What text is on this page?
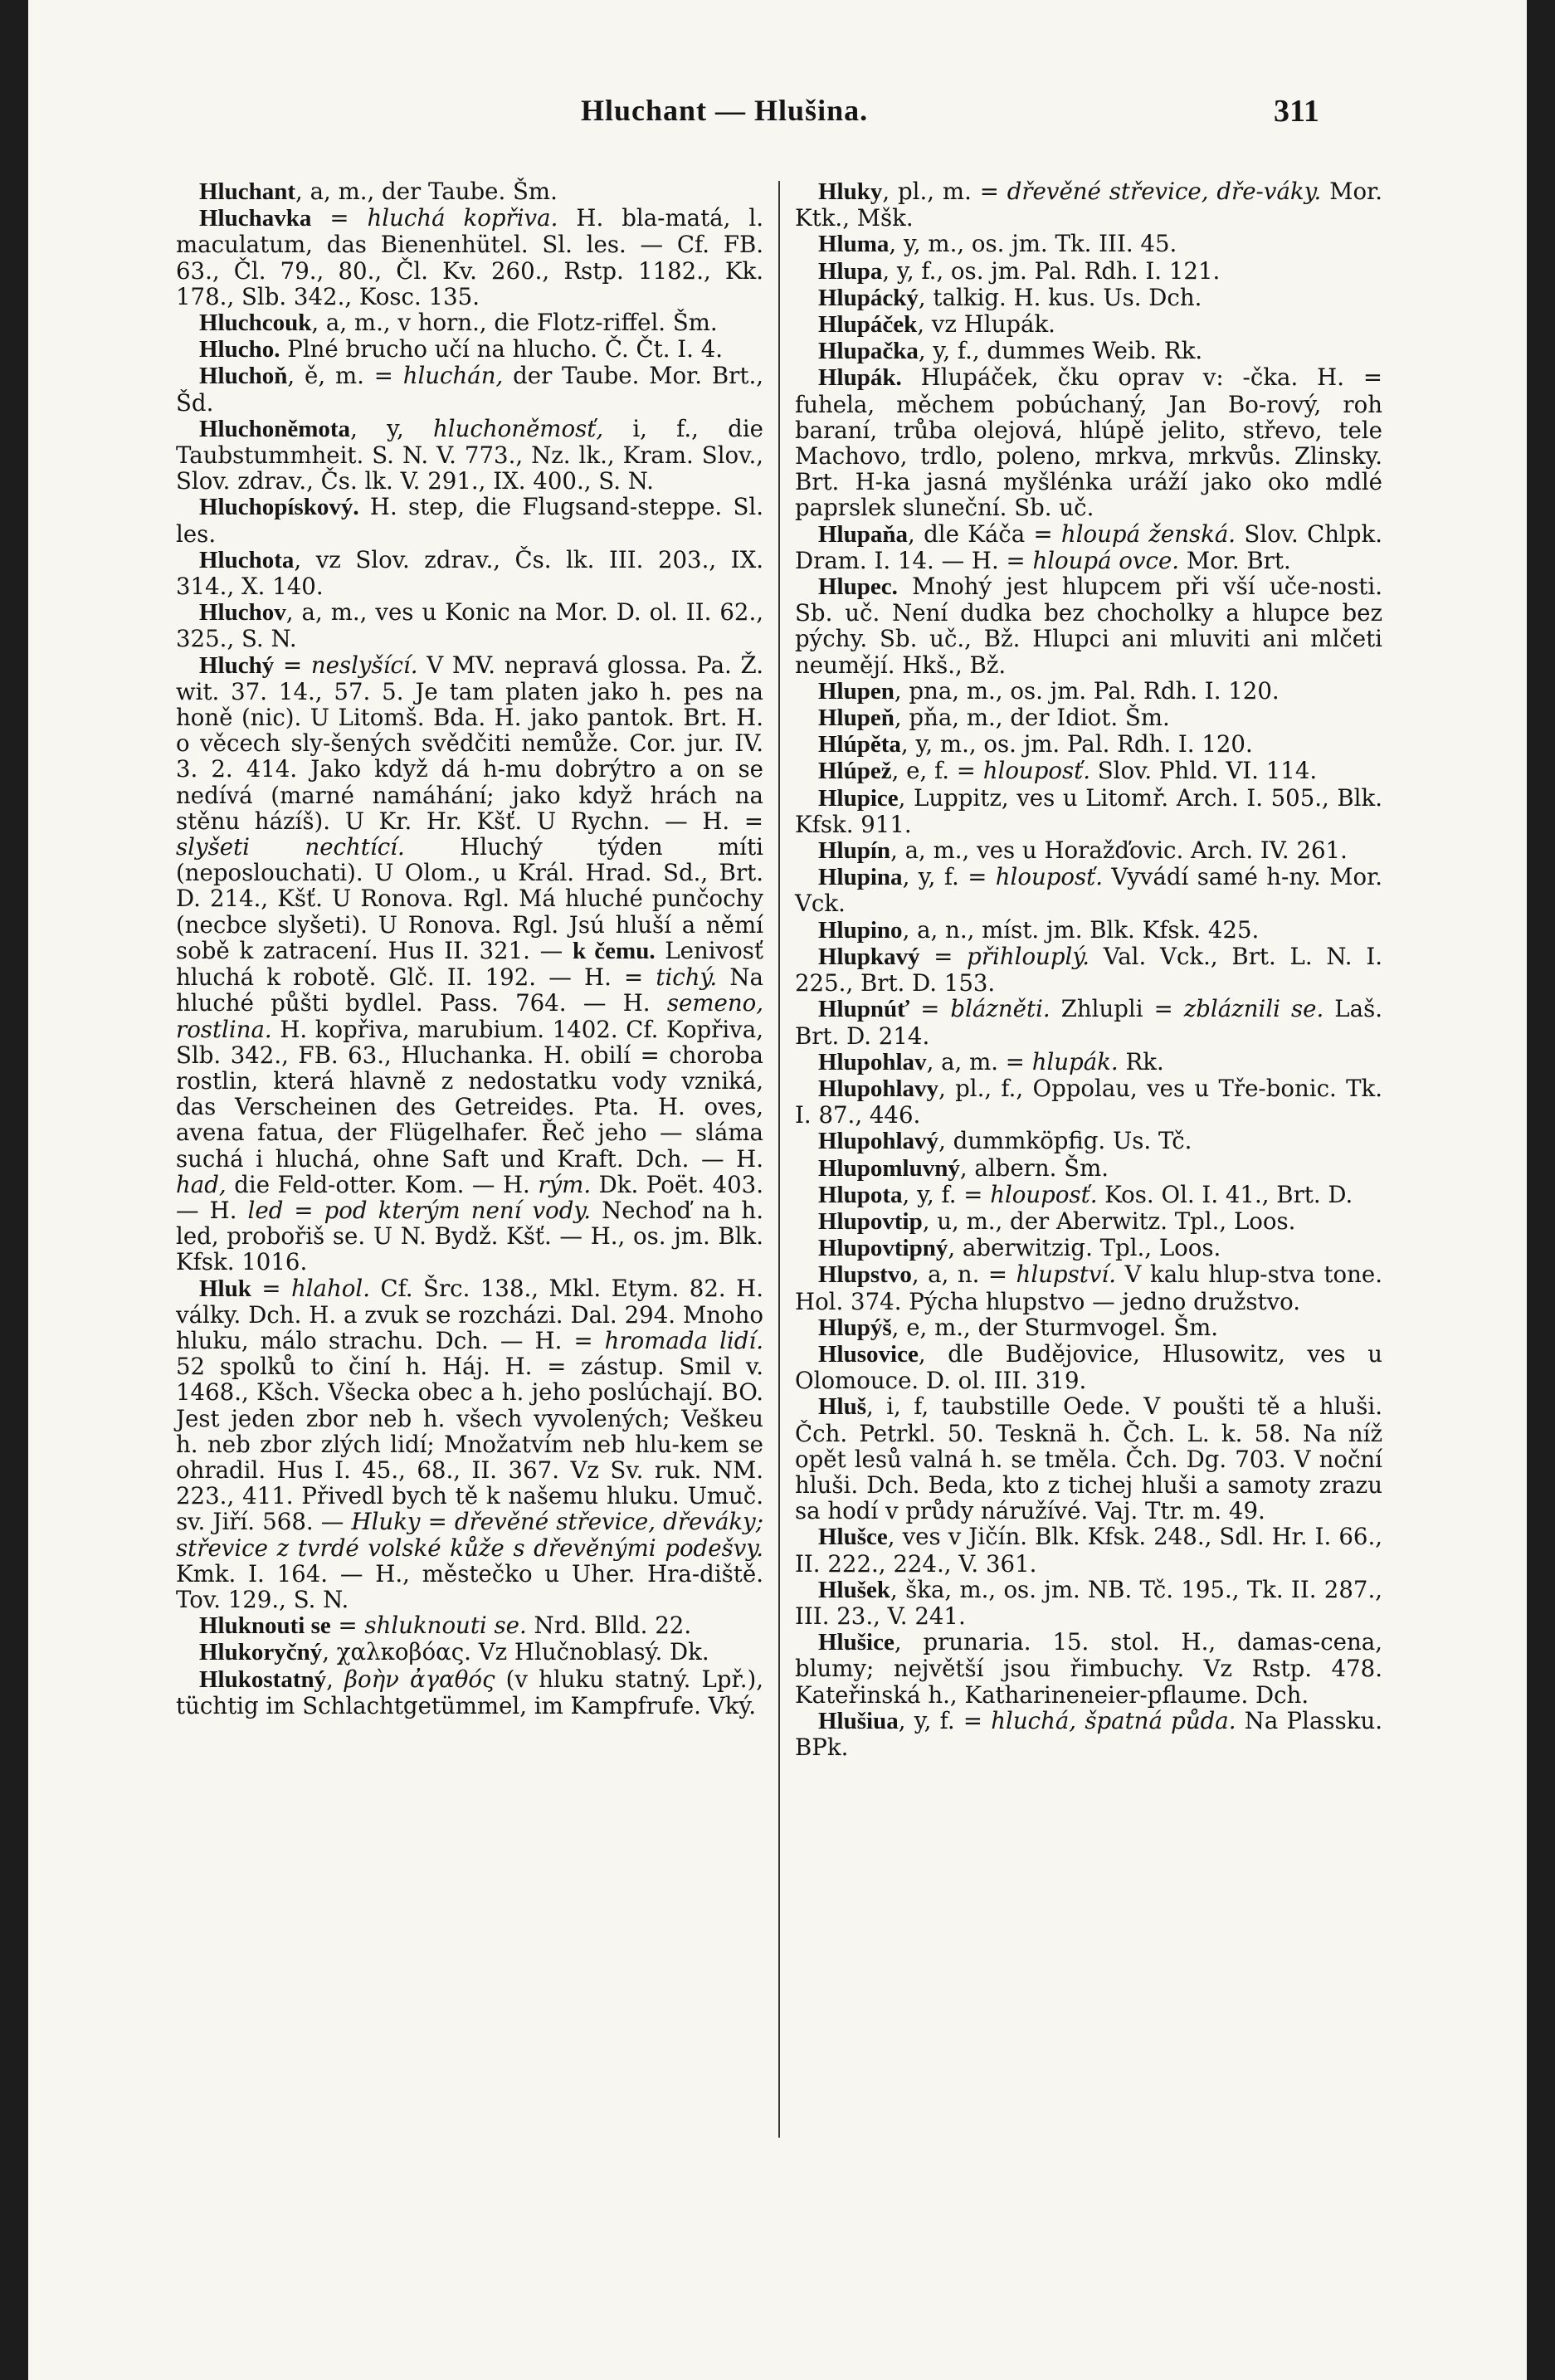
Hluchant — Hlušina.	311

Hluchant, a, m., der Taube. Šm.

Hluchavka = hluchá kopřiva. H. bla-matá, l. maculatum, das Bienenhütel. Sl. les. — Cf. FB. 63., Čl. 79., 80., Čl. Kv. 260., Rstp. 1182., Kk. 178., Slb. 342., Kosc. 135.

Hluchcouk, a, m., v horn., die Flotz-riffel. Šm.

Hlucho. Plné brucho učí na hlucho. Č. Čt. I. 4.

Hluchoň, ě, m. = hluchán, der Taube. Mor. Brt., Šd.

Hluchoněmota, y, hluchoněmosť, i, f., die Taubstummheit. S. N. V. 773., Nz. lk., Kram. Slov., Slov. zdrav., Čs. lk. V. 291., IX. 400., S. N.

Hluchopískový. H. step, die Flugsand-steppe. Sl. les.

Hluchota, vz Slov. zdrav., Čs. lk. III. 203., IX. 314., X. 140.

Hluchov, a, m., ves u Konic na Mor. D. ol. II. 62., 325., S. N.

Hluchý = neslyšící. V MV. nepravá glossa. Pa. Ž. wit. 37. 14., 57. 5. Je tam platen jako h. pes na honě (nic). U Litomš. Bda. H. jako pantok. Brt. H. o věcech sly-šených svědčiti nemůže. Cor. jur. IV. 3. 2. 414. Jako když dá h-mu dobrýtro a on se nedívá (marné namáhání; jako když hrách na stěnu házíš). U Kr. Hr. Kšť. U Rychn. — H. = slyšeti nechtící. Hluchý týden míti (neposlouchati). U Olom., u Král. Hrad. Sd., Brt. D. 214., Kšť. U Ronova. Rgl. Má hluché punčochy (necbce slyšeti). U Ronova. Rgl. Jsú hluší a něm​í sobě k zatracení. Hus II. 321. — k čemu. Lenivosť hluchá k robotě. Glč. II. 192. — H. = tichý. Na hluché půšti bydlel. Pass. 764. — H. semeno, rostlina. H. kopřiva, marubium. 1402. Cf. Kopřiva, Slb. 342., FB. 63., Hluchanka. H. obilí = choroba rostlin, která hlavně z nedostatku vody vzniká, das Verscheinen des Getreides. Pta. H. oves, avena fatua, der Flügelhafer. Řeč jeho — sláma suchá i hluchá, ohne Saft und Kraft. Dch. — H. had, die Feld-otter. Kom. — H. rým. Dk. Poët. 403. — H. led = pod kterým není vody. Nechoď na h. led, probořiš se. U N. Bydž. Kšť. — H., os. jm. Blk. Kfsk. 1016.

Hluk = hlahol. Cf. Šrc. 138., Mkl. Etym. 82. H. války. Dch. H. a zvuk se rozcházi. Dal. 294. Mnoho hluku, málo strachu. Dch. — H. = hromada lidí. 52 spolků to činí h. Háj. H. = zástup. Smil v. 1468., Kšch. Všecka obec a h. jeho poslúchají. BO. Jest jeden zbor neb h. všech vyvolených; Veškeu h. neb zbor zlých lidí; Množatvím neb hlu-kem se ohradil. Hus I. 45., 68., II. 367. Vz Sv. ruk. NM. 223., 411. Přivedl bych tě k našemu hluku. Umuč. sv. Jiří. 568. — Hluky = dřevěné střevice, dřeváky; střevice z tvrdé volské kůže s dřevěnými podešvy. Kmk. I. 164. — H., městečko u Uher. Hra-diště. Tov. 129., S. N.

Hluknouti se = shluknouti se. Nrd. Blld. 22.

Hlukoryčný, χαλκοβόας. Vz Hlučnoblasý. Dk.

Hlukostatný, βοὴν ἀγαθός (v hluku statný. Lpř.), tüchtig im Schlachtgetümmel, im Kampfrufe. Vký.

Hluky, pl., m. = dřevěné střevice, dře-váky. Mor. Ktk., Mšk.

Hluma, y, m., os. jm. Tk. III. 45.

Hlupa, y, f., os. jm. Pal. Rdh. I. 121.

Hlupácký, talkig. H. kus. Us. Dch.

Hlupáček, vz Hlupák.

Hlupačka, y, f., dummes Weib. Rk.

Hlupák. Hlupáček, čku oprav v: -čka. H. = fuhela, měchem pobúchaný, Jan Bo-rový, roh baraní, trůba olejová, hlúpě jelito, střevo, tele Machovo, trdlo, poleno, mrkva, mrkvůs. Zlinsky. Brt. H-ka jasná myšlénka uráží jako oko mdlé paprslek sluneční. Sb. uč.

Hlupaňa, dle Káča = hloupá ženská. Slov. Chlpk. Dram. I. 14. — H. = hloupá ovce. Mor. Brt.

Hlupec. Mnohý jest hlupcem při vší uče-nosti. Sb. uč. Není dudka bez chocholky a hlupce bez pýchy. Sb. uč., Bž. Hlupci ani mluviti ani mlčeti neumějí. Hkš., Bž.

Hlupen, pna, m., os. jm. Pal. Rdh. I. 120.

Hlupeň, pňa, m., der Idiot. Šm.

Hlúpěta, y, m., os. jm. Pal. Rdh. I. 120.

Hlúpež, e, f. = hlouposť. Slov. Phld. VI. 114.

Hlupice, Luppitz, ves u Litomř. Arch. I. 505., Blk. Kfsk. 911.

Hlupín, a, m., ves u Horažďovic. Arch. IV. 261.

Hlupina, y, f. = hlouposť. Vyvádí samé h-ny. Mor. Vck.

Hlupino, a, n., míst. jm. Blk. Kfsk. 425.

Hlupkavý = přihlouplý. Val. Vck., Brt. L. N. I. 225., Brt. D. 153.

Hlupnúť = blázněti. Zhlupli = zbláznili se. Laš. Brt. D. 214.

Hlupohlav, a, m. = hlupák. Rk.

Hlupohlavy, pl., f., Oppolau, ves u Tře-bonic. Tk. I. 87., 446.

Hlupohlavý, dummköpfig. Us. Tč.

Hlupomluvný, albern. Šm.

Hlupota, y, f. = hlouposť. Kos. Ol. I. 41., Brt. D.

Hlupovtip, u, m., der Aberwitz. Tpl., Loos.

Hlupovtipný, aberwitzig. Tpl., Loos.

Hlupstvo, a, n. = hlupství. V kalu hlup-stva tone. Hol. 374. Pýcha hlupstvo — jedno družstvo.

Hlupýš, e, m., der Sturmvogel. Šm.

Hlusovice, dle Budějovice, Hlusowitz, ves u Olomouce. D. ol. III. 319.

Hluš, i, f, taubstille Oede. V poušti tě a hluši. Čch. Petrkl. 50. Tesknä h. Čch. L. k. 58. Na níž opět lesů valná h. se tměla. Čch. Dg. 703. V noční hluši. Dch. Beda, kto z tichej hluši a samoty zrazu sa hodí v průdy náružívé. Vaj. Ttr. m. 49.

Hlušce, ves v Jičín. Blk. Kfsk. 248., Sdl. Hr. I. 66., II. 222., 224., V. 361.

Hlušek, ška, m., os. jm. NB. Tč. 195., Tk. II. 287., III. 23., V. 241.

Hlušice, prunaria. 15. stol. H., damas-cena, blumy; největší jsou řimbuchy. Vz Rstp. 478. Kateřinská h., Katharineneier-pflaume. Dch.

Hlušiua, y, f. = hluchá, špatná půda. Na Plassku. BPk.
